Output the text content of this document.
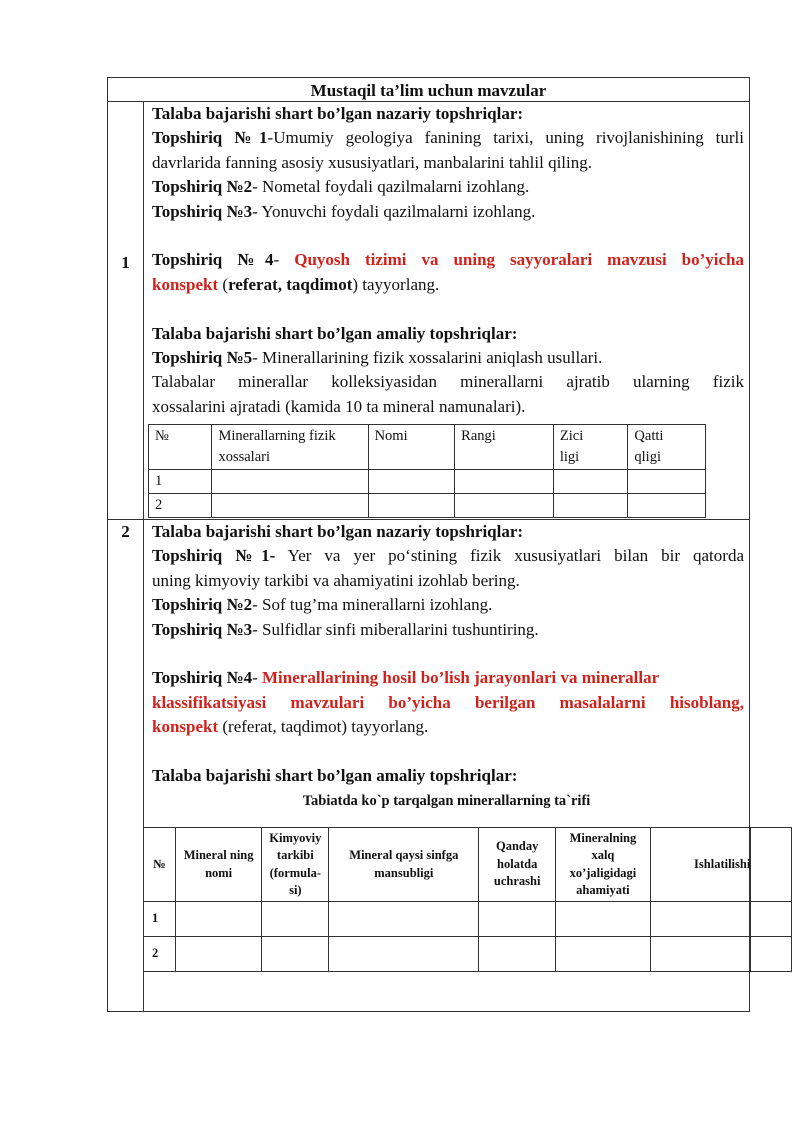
Mustaqil ta’lim uchun mavzular
1

Talaba bajarishi shart bo’lgan nazariy topshriqlar:

Topshiriq №1-Umumiy geologiya fanining tarixi, uning rivojlanishining turli

davrlarida fanning asosiy xususiyatlari, manbalarini tahlil qiling.

Topshiriq №2- Nometal foydali qazilmalarni izohlang.

Topshiriq №3- Yonuvchi foydali qazilmalarni izohlang.

Topshiriq №4- Quyosh tizimi va uning sayyoralari mavzusi bo’yicha

konspekt (referat, taqdimot) tayyorlang.

Talaba bajarishi shart bo’lgan amaliy topshriqlar:

Topshiriq №5- Minerallarining fizik xossalarini aniqlash usullari.

Talabalar minerallar kolleksiyasidan minerallarni ajratib ularning fizik

xossalarini ajratadi (kamida 10 ta mineral namunalari).

№	Minerallarning fizik xossalari	Nomi	Rangi	Zici ligi	Qatti qligi
1					
2					
2	Talaba bajarishi shart bo’lgan nazariy topshriqlar:

Topshiriq №1- Yer va yer po‘stining fizik xususiyatlari bilan bir qatorda

uning kimyoviy tarkibi va ahamiyatini izohlab bering.

Topshiriq №2- Sof tug’ma minerallarni izohlang.

Topshiriq №3- Sulfidlar sinfi miberallarini tushuntiring.

Topshiriq №4- Minerallarining hosil bo’lish jarayonlari va minerallar

klassifikatsiyasi mavzulari bo’yicha berilgan masalalarni hisoblang,

konspekt (referat, taqdimot) tayyorlang.

Talaba bajarishi shart bo’lgan amaliy topshriqlar:

Tabiatda ko`p tarqalgan minerallarning ta`rifi
№	Mineral ning nomi	Kimyoviy tarkibi (formula-si)	Mineral qaysi sinfga mansubligi	Qanday holatda uchrashi	Mineralning xalq xo’jaligidagi ahamiyati	Ishlatilishi	
1							
2							
